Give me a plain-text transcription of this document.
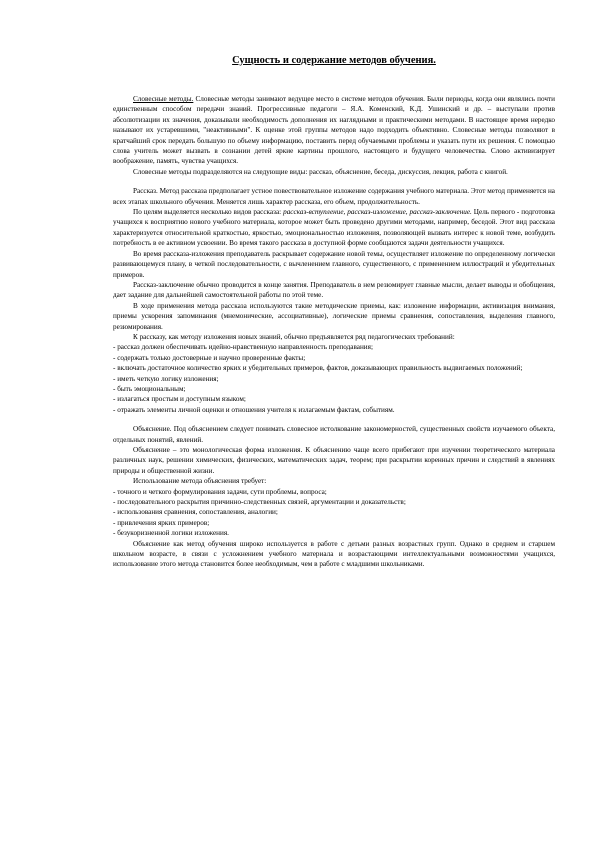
Сущность и содержание методов обучения.

Словесные методы. Словесные методы занимают ведущее место в системе методов обучения. Были периоды, когда они являлись почти единственным способом передачи знаний. Прогрессивные педагоги – Я.А. Коменский, К.Д. Ушинский и др. – выступали против абсолютизации их значения, доказывали необходимость дополнения их наглядными и практическими методами. В настоящее время нередко называют их устаревшими, "неактивными". К оценке этой группы методов надо подходить объективно. Словесные методы позволяют в кратчайший срок передать большую по объему информацию, поставить перед обучаемыми проблемы и указать пути их решения. С помощью слова учитель может вызвать в сознании детей яркие картины прошлого, настоящего и будущего человечества. Слово активизирует воображение, память, чувства учащихся.

Словесные методы подразделяются на следующие виды: рассказ, объяснение, беседа, дискуссия, лекция, работа с книгой.

Рассказ. Метод рассказа предполагает устное повествовательное изложение содержания учебного материала. Этот метод применяется на всех этапах школьного обучения. Меняется лишь характер рассказа, его объем, продолжительность.

По целям выделяется несколько видов рассказа: рассказ-вступление, рассказ-изложение, рассказ-заключение. Цель первого - подготовка учащихся к восприятию нового учебного материала, которое может быть проведено другими методами, например, беседой. Этот вид рассказа характеризуется относительной краткостью, яркостью, эмоциональностью изложения, позволяющей вызвать интерес к новой теме, возбудить потребность в ее активном усвоении. Во время такого рассказа в доступной форме сообщаются задачи деятельности учащихся.

Во время рассказа-изложения преподаватель раскрывает содержание новой темы, осуществляет изложение по определенному логически развивающемуся плану, в четкой последовательности, с вычленением главного, существенного, с применением иллюстраций и убедительных примеров.

Рассказ-заключение обычно проводится в конце занятия. Преподаватель в нем резюмирует главные мысли, делает выводы и обобщения, дает задание для дальнейшей самостоятельной работы по этой теме.

В ходе применения метода рассказа используются такие методические приемы, как: изложение информации, активизация внимания, приемы ускорения запоминания (мнемонические, ассоциативные), логические приемы сравнения, сопоставления, выделения главного, резюмирования.

К рассказу, как методу изложения новых знаний, обычно предъявляется ряд педагогических требований:

- рассказ должен обеспечивать идейно-нравственную направленность преподавания;

- содержать только достоверные и научно проверенные факты;

- включать достаточное количество ярких и убедительных примеров, фактов, доказывающих правильность выдвигаемых положений;

- иметь четкую логику изложения;

- быть эмоциональным;

- излагаться простым и доступным языком;

- отражать элементы личной оценки и отношения учителя к излагаемым фактам, событиям.

Объяснение. Под объяснением следует понимать словесное истолкование закономерностей, существенных свойств изучаемого объекта, отдельных понятий, явлений.

Объяснение – это монологическая форма изложения. К объяснению чаще всего прибегают при изучении теоретического материала различных наук, решении химических, физических, математических задач, теорем; при раскрытии коренных причин и следствий в явлениях природы и общественной жизни.

Использование метода объяснения требует:

- точного и четкого формулирования задачи, сути проблемы, вопроса;

- последовательного раскрытия причинно-следственных связей, аргументации и доказательств;

- использования сравнения, сопоставления, аналогии;

- привлечения ярких примеров;

- безукоризненной логики изложения.

Объяснение как метод обучения широко используется в работе с детьми разных возрастных групп. Однако в среднем и старшем школьном возрасте, в связи с усложнением учебного материала и возрастающими интеллектуальными возможностями учащихся, использование этого метода становится более необходимым, чем в работе с младшими школьниками.
